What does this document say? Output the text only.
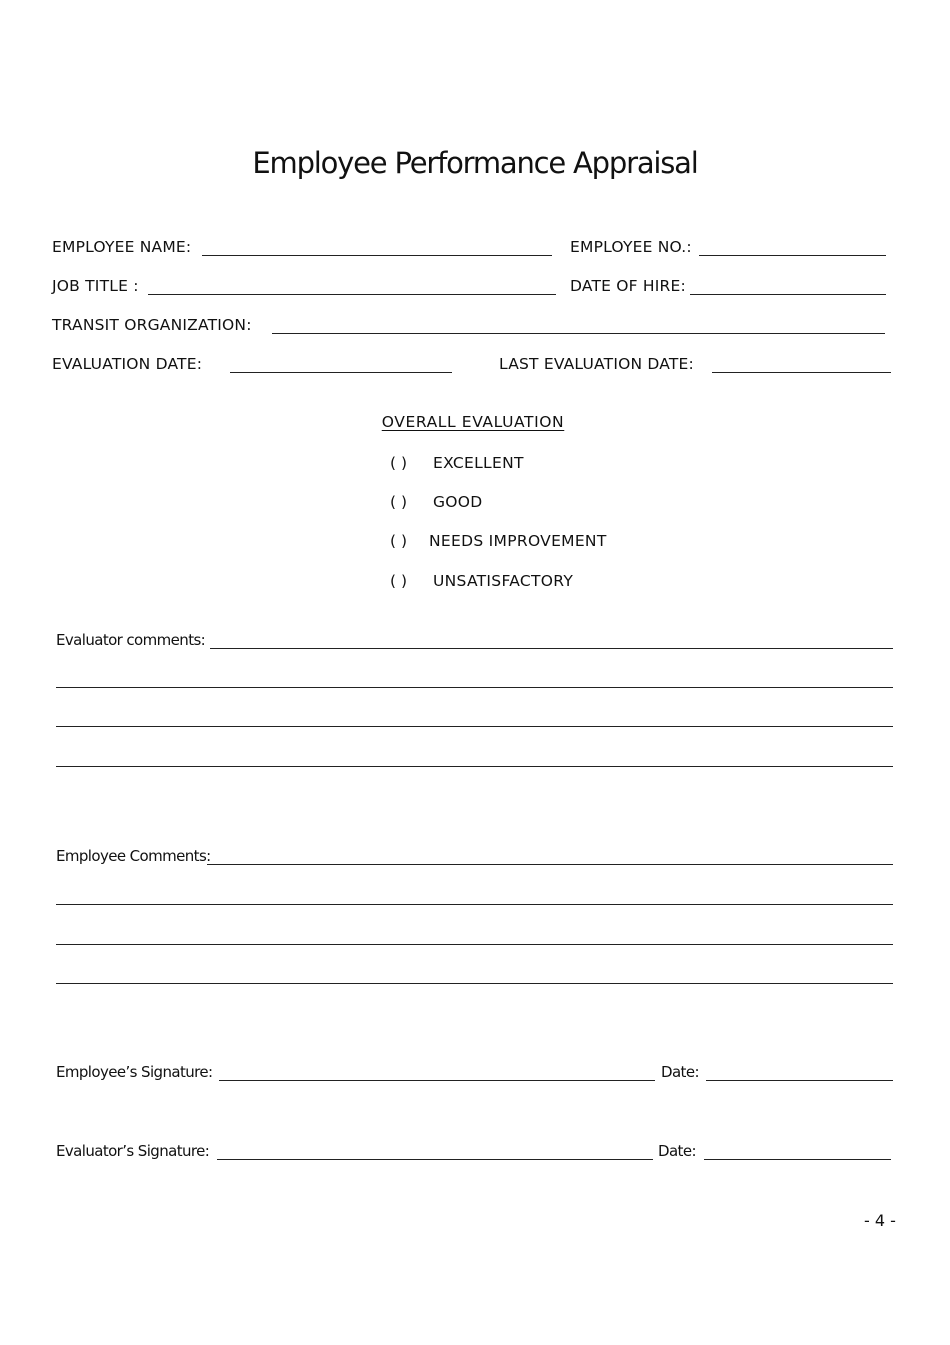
Employee Performance Appraisal
EMPLOYEE NAME:	EMPLOYEE NO.:
JOB TITLE :	DATE OF HIRE:
TRANSIT ORGANIZATION:
EVALUATION DATE:	LAST EVALUATION DATE:
OVERALL EVALUATION
( ) EXCELLENT
( ) GOOD
( ) NEEDS IMPROVEMENT
( ) UNSATISFACTORY
Evaluator comments:
Employee Comments:
Employee’s Signature:	Date:
Evaluator’s Signature:	Date:
- 4 -
